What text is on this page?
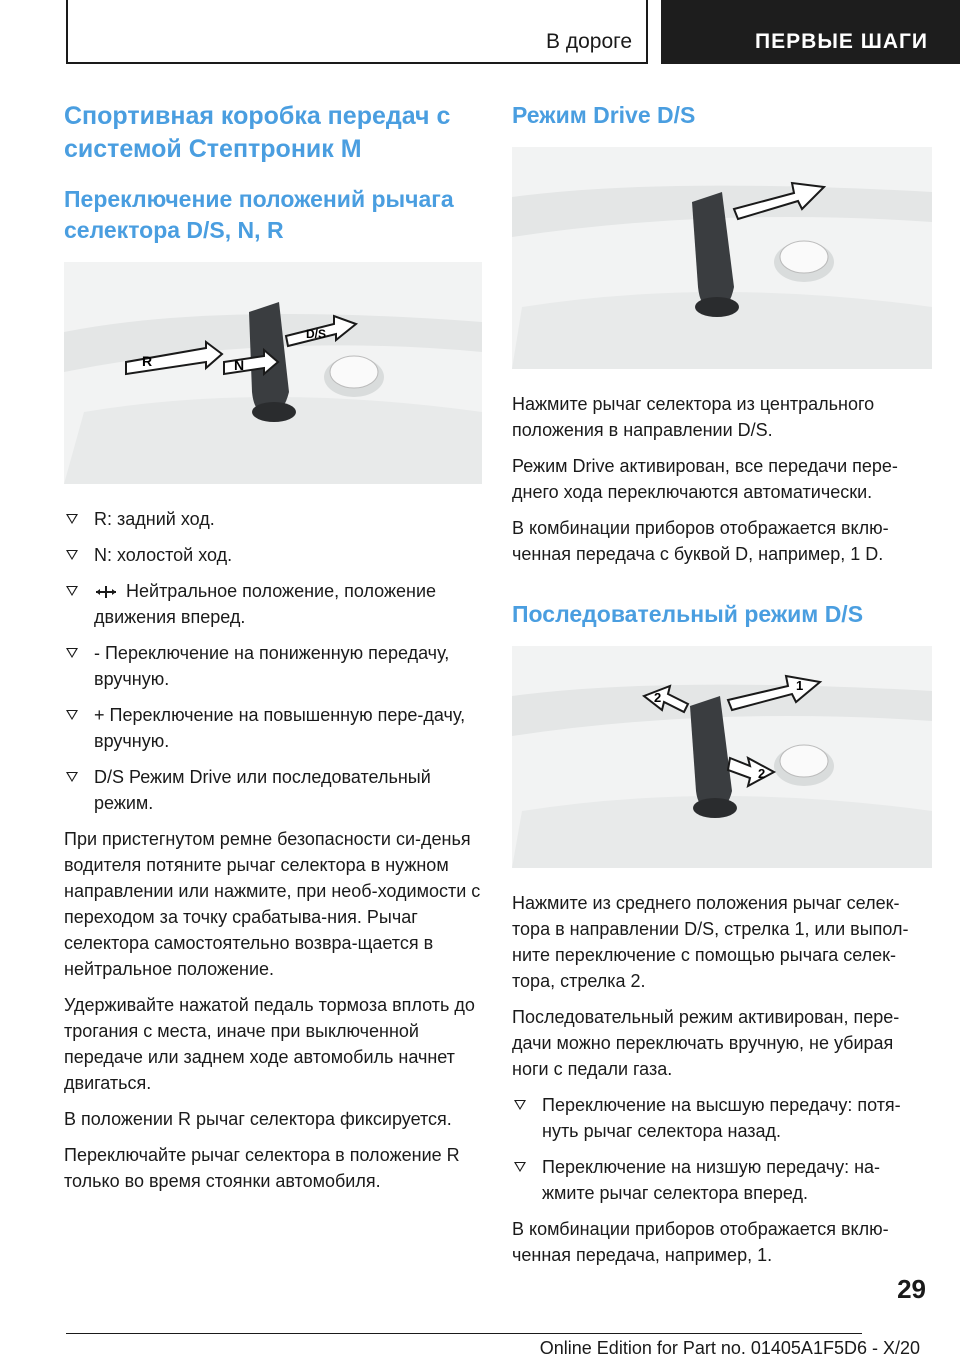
В дороге	ПЕРВЫЕ ШАГИ
Спортивная коробка передач с системой Стептроник M
Переключение положений рычага селектора D/S, N, R
R	N
D/S
R: задний ход.
N: холостой ход.
Нейтральное положение, положение движения вперед.
- Переключение на пониженную передачу, вручную.
+ Переключение на повышенную пере-дачу, вручную.
D/S Режим Drive или последовательный режим.

При пристегнутом ремне безопасности си-денья водителя потяните рычаг селектора в нужном направлении или нажмите, при необ-ходимости с переходом за точку срабатыва-ния. Рычаг селектора самостоятельно возвра-щается в нейтральное положение.

Удерживайте нажатой педаль тормоза вплоть до трогания с места, иначе при выключенной передаче или заднем ходе автомобиль начнет двигаться.

В положении R рычаг селектора фиксируется.

Переключайте рычаг селектора в положение R только во время стоянки автомобиля.

Режим Drive D/S

Нажмите рычаг селектора из центрального положения в направлении D/S.

Режим Drive активирован, все передачи пере-днего хода переключаются автоматически.

В комбинации приборов отображается вклю-ченная передача с буквой D, например, 1 D.

Последовательный режим D/S
2
1
2

Нажмите из среднего положения рычаг селек-тора в направлении D/S, стрелка 1, или выпол-ните переключение с помощью рычага селек-тора, стрелка 2.

Последовательный режим активирован, пере-дачи можно переключать вручную, не убирая ноги с педали газа.

Переключение на высшую передачу: потя-нуть рычаг селектора назад.
Переключение на низшую передачу: на-жмите рычаг селектора вперед.

В комбинации приборов отображается вклю-ченная передача, например, 1.

29
Online Edition for Part no. 01405A1F5D6 - X/20
